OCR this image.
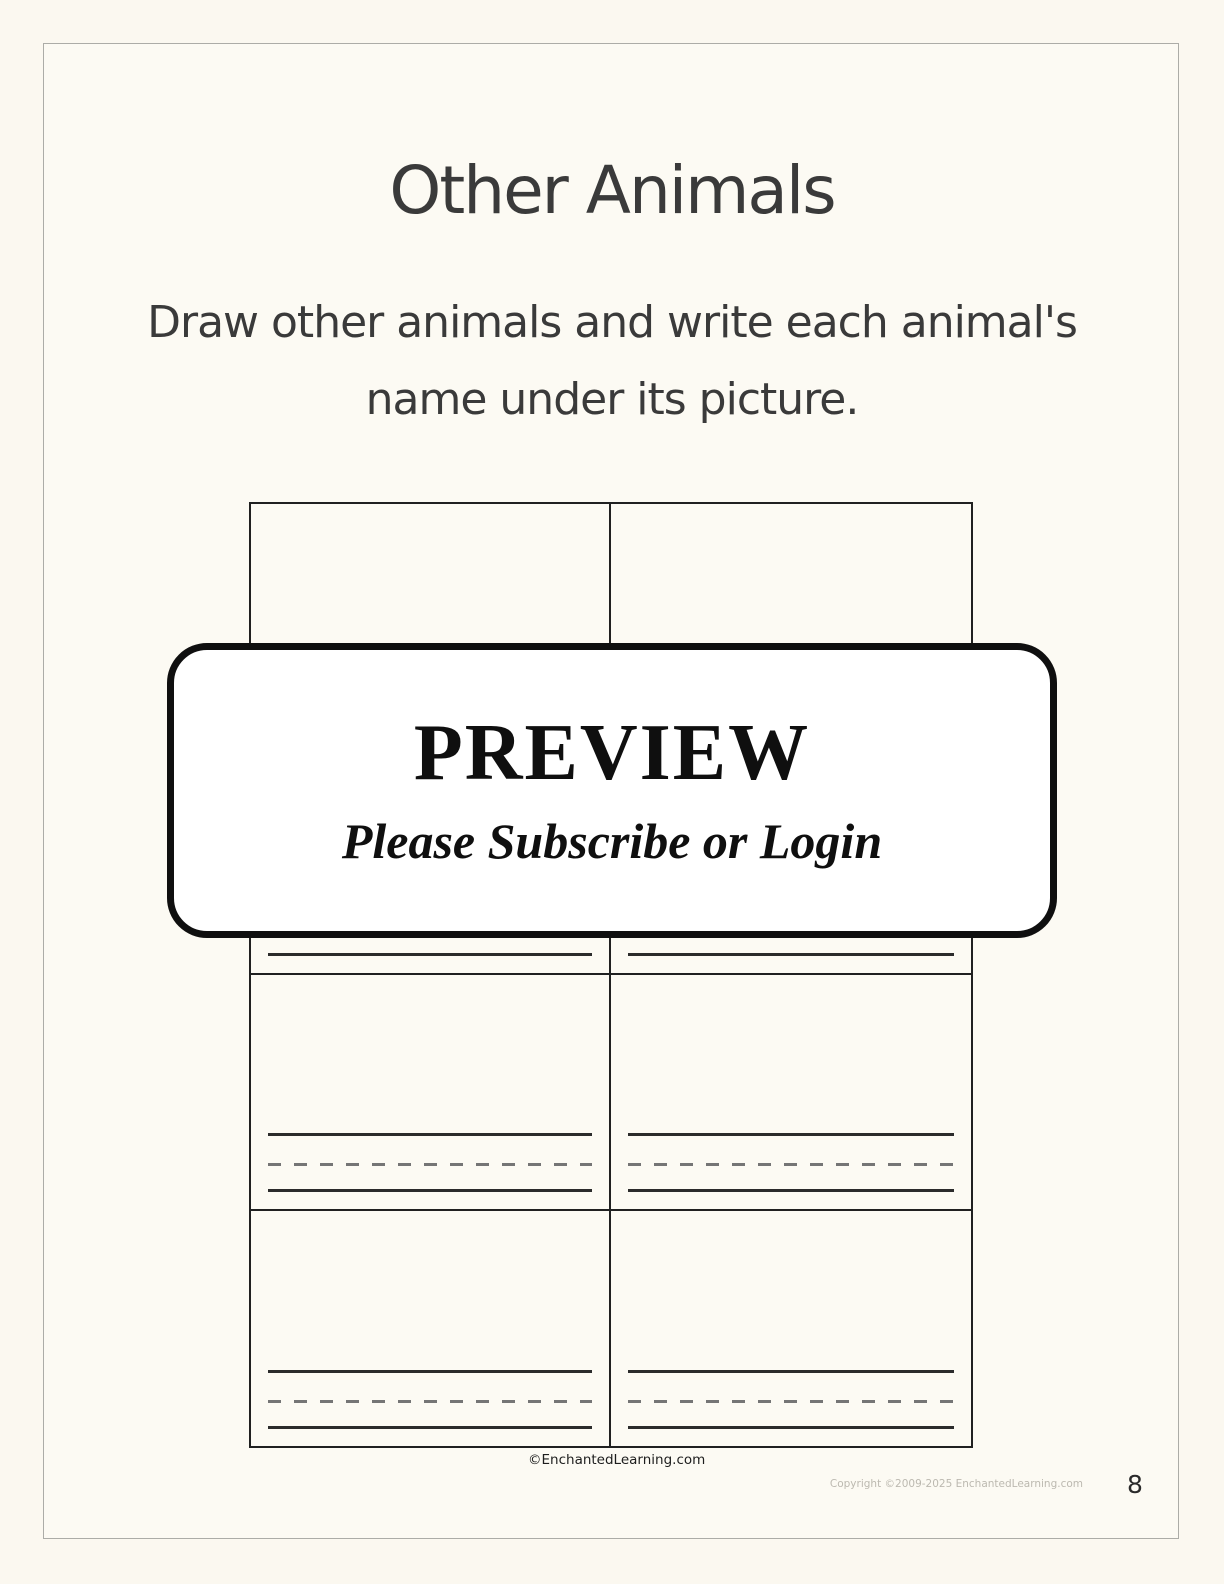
Other Animals
Draw other animals and write each animal's
name under its picture.
PREVIEW
Please Subscribe or Login
©EnchantedLearning.com
Copyright ©2009-2025 EnchantedLearning.com 8
